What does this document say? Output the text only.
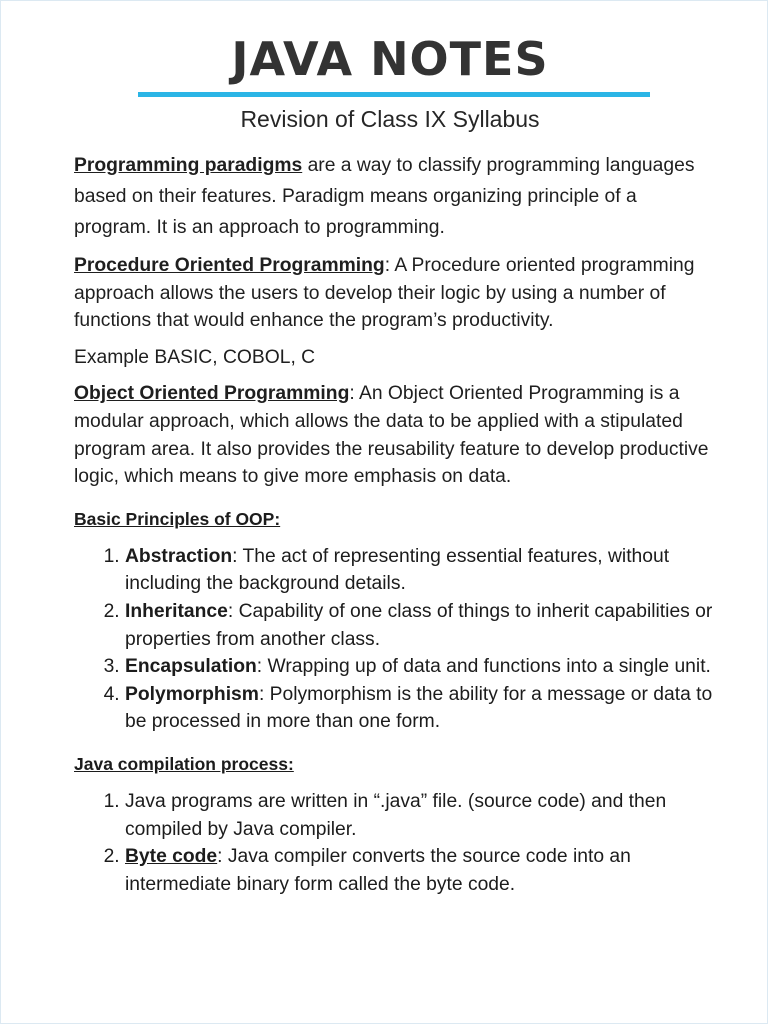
JAVA NOTES
Revision of Class IX Syllabus

Programming paradigms are a way to classify programming languages based on their features. Paradigm means organizing principle of a program. It is an approach to programming.

Procedure Oriented Programming: A Procedure oriented programming approach allows the users to develop their logic by using a number of functions that would enhance the program’s productivity.

Example BASIC, COBOL, C

Object Oriented Programming: An Object Oriented Programming is a modular approach, which allows the data to be applied with a stipulated program area. It also provides the reusability feature to develop productive logic, which means to give more emphasis on data.

Basic Principles of OOP:
1. Abstraction: The act of representing essential features, without including the background details.
2. Inheritance: Capability of one class of things to inherit capabilities or properties from another class.
3. Encapsulation: Wrapping up of data and functions into a single unit.
4. Polymorphism: Polymorphism is the ability for a message or data to be processed in more than one form.
Java compilation process:
1. Java programs are written in “.java” file. (source code) and then compiled by Java compiler.
2. Byte code: Java compiler converts the source code into an intermediate binary form called the byte code.
